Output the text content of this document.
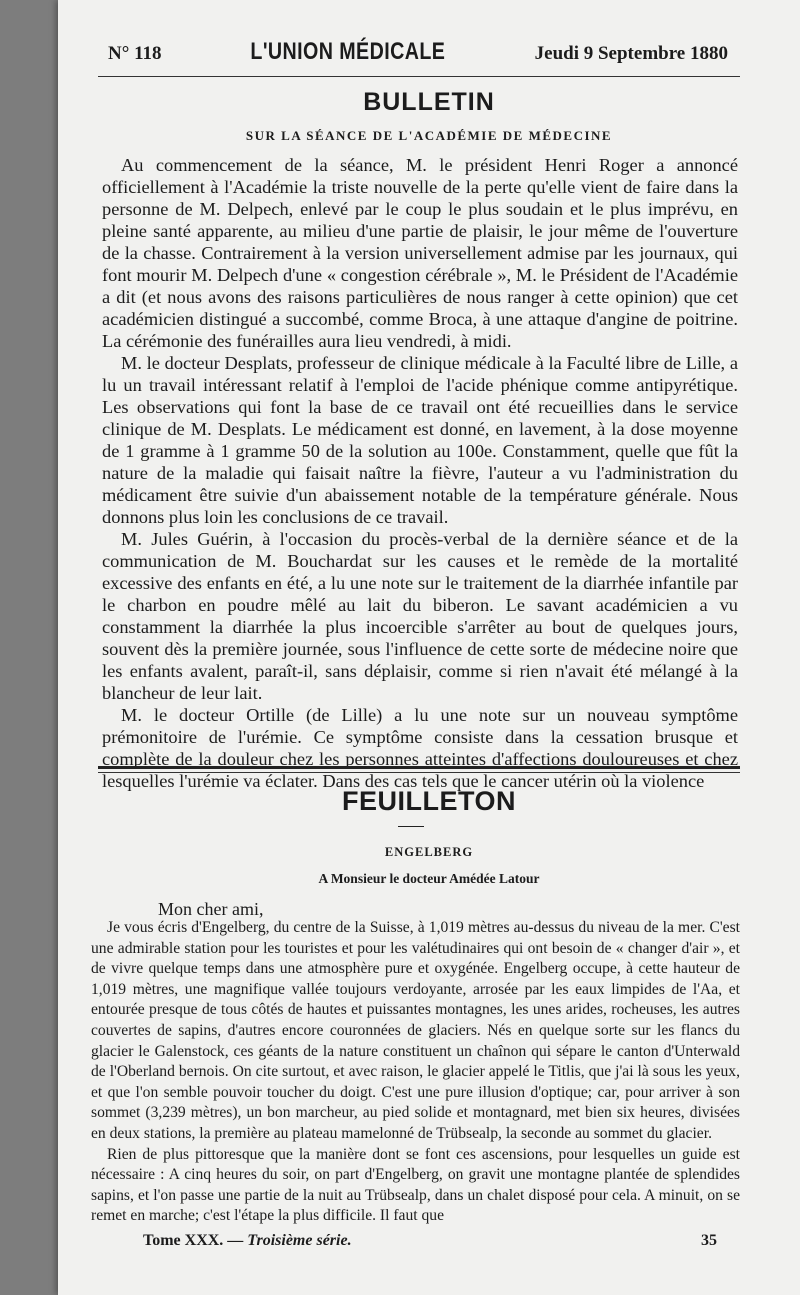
N° 118	L'UNION MÉDICALE	Jeudi 9 Septembre 1880
BULLETIN
SUR LA SÉANCE DE L'ACADÉMIE DE MÉDECINE

Au commencement de la séance, M. le président Henri Roger a annoncé officiellement à l'Académie la triste nouvelle de la perte qu'elle vient de faire dans la personne de M. Delpech, enlevé par le coup le plus soudain et le plus imprévu, en pleine santé apparente, au milieu d'une partie de plaisir, le jour même de l'ouverture de la chasse. Contrairement à la version universellement admise par les journaux, qui font mourir M. Delpech d'une « congestion cérébrale », M. le Président de l'Académie a dit (et nous avons des raisons particulières de nous ranger à cette opinion) que cet académicien distingué a succombé, comme Broca, à une attaque d'angine de poitrine. La cérémonie des funérailles aura lieu vendredi, à midi.

M. le docteur Desplats, professeur de clinique médicale à la Faculté libre de Lille, a lu un travail intéressant relatif à l'emploi de l'acide phénique comme antipyrétique. Les observations qui font la base de ce travail ont été recueillies dans le service clinique de M. Desplats. Le médicament est donné, en lavement, à la dose moyenne de 1 gramme à 1 gramme 50 de la solution au 100e. Constamment, quelle que fût la nature de la maladie qui faisait naître la fièvre, l'auteur a vu l'administration du médicament être suivie d'un abaissement notable de la température générale. Nous donnons plus loin les conclusions de ce travail.

M. Jules Guérin, à l'occasion du procès-verbal de la dernière séance et de la communication de M. Bouchardat sur les causes et le remède de la mortalité excessive des enfants en été, a lu une note sur le traitement de la diarrhée infantile par le charbon en poudre mêlé au lait du biberon. Le savant académicien a vu constamment la diarrhée la plus incoercible s'arrêter au bout de quelques jours, souvent dès la première journée, sous l'influence de cette sorte de médecine noire que les enfants avalent, paraît-il, sans déplaisir, comme si rien n'avait été mélangé à la blancheur de leur lait.

M. le docteur Ortille (de Lille) a lu une note sur un nouveau symptôme prémonitoire de l'urémie. Ce symptôme consiste dans la cessation brusque et complète de la douleur chez les personnes atteintes d'affections douloureuses et chez lesquelles l'urémie va éclater. Dans des cas tels que le cancer utérin où la violence

FEUILLETON
ENGELBERG
A Monsieur le docteur Amédée Latour
Mon cher ami,

Je vous écris d'Engelberg, du centre de la Suisse, à 1,019 mètres au-dessus du niveau de la mer. C'est une admirable station pour les touristes et pour les valétudinaires qui ont besoin de « changer d'air », et de vivre quelque temps dans une atmosphère pure et oxygénée. Engelberg occupe, à cette hauteur de 1,019 mètres, une magnifique vallée toujours verdoyante, arrosée par les eaux limpides de l'Aa, et entourée presque de tous côtés de hautes et puissantes montagnes, les unes arides, rocheuses, les autres couvertes de sapins, d'autres encore couronnées de glaciers. Nés en quelque sorte sur les flancs du glacier le Galenstock, ces géants de la nature constituent un chaînon qui sépare le canton d'Unterwald de l'Oberland bernois. On cite surtout, et avec raison, le glacier appelé le Titlis, que j'ai là sous les yeux, et que l'on semble pouvoir toucher du doigt. C'est une pure illusion d'optique; car, pour arriver à son sommet (3,239 mètres), un bon marcheur, au pied solide et montagnard, met bien six heures, divisées en deux stations, la première au plateau mamelonné de Trübsealp, la seconde au sommet du glacier.

Rien de plus pittoresque que la manière dont se font ces ascensions, pour lesquelles un guide est nécessaire : A cinq heures du soir, on part d'Engelberg, on gravit une montagne plantée de splendides sapins, et l'on passe une partie de la nuit au Trübsealp, dans un chalet disposé pour cela. A minuit, on se remet en marche; c'est l'étape la plus difficile. Il faut que

Tome XXX. — Troisième série.	35
